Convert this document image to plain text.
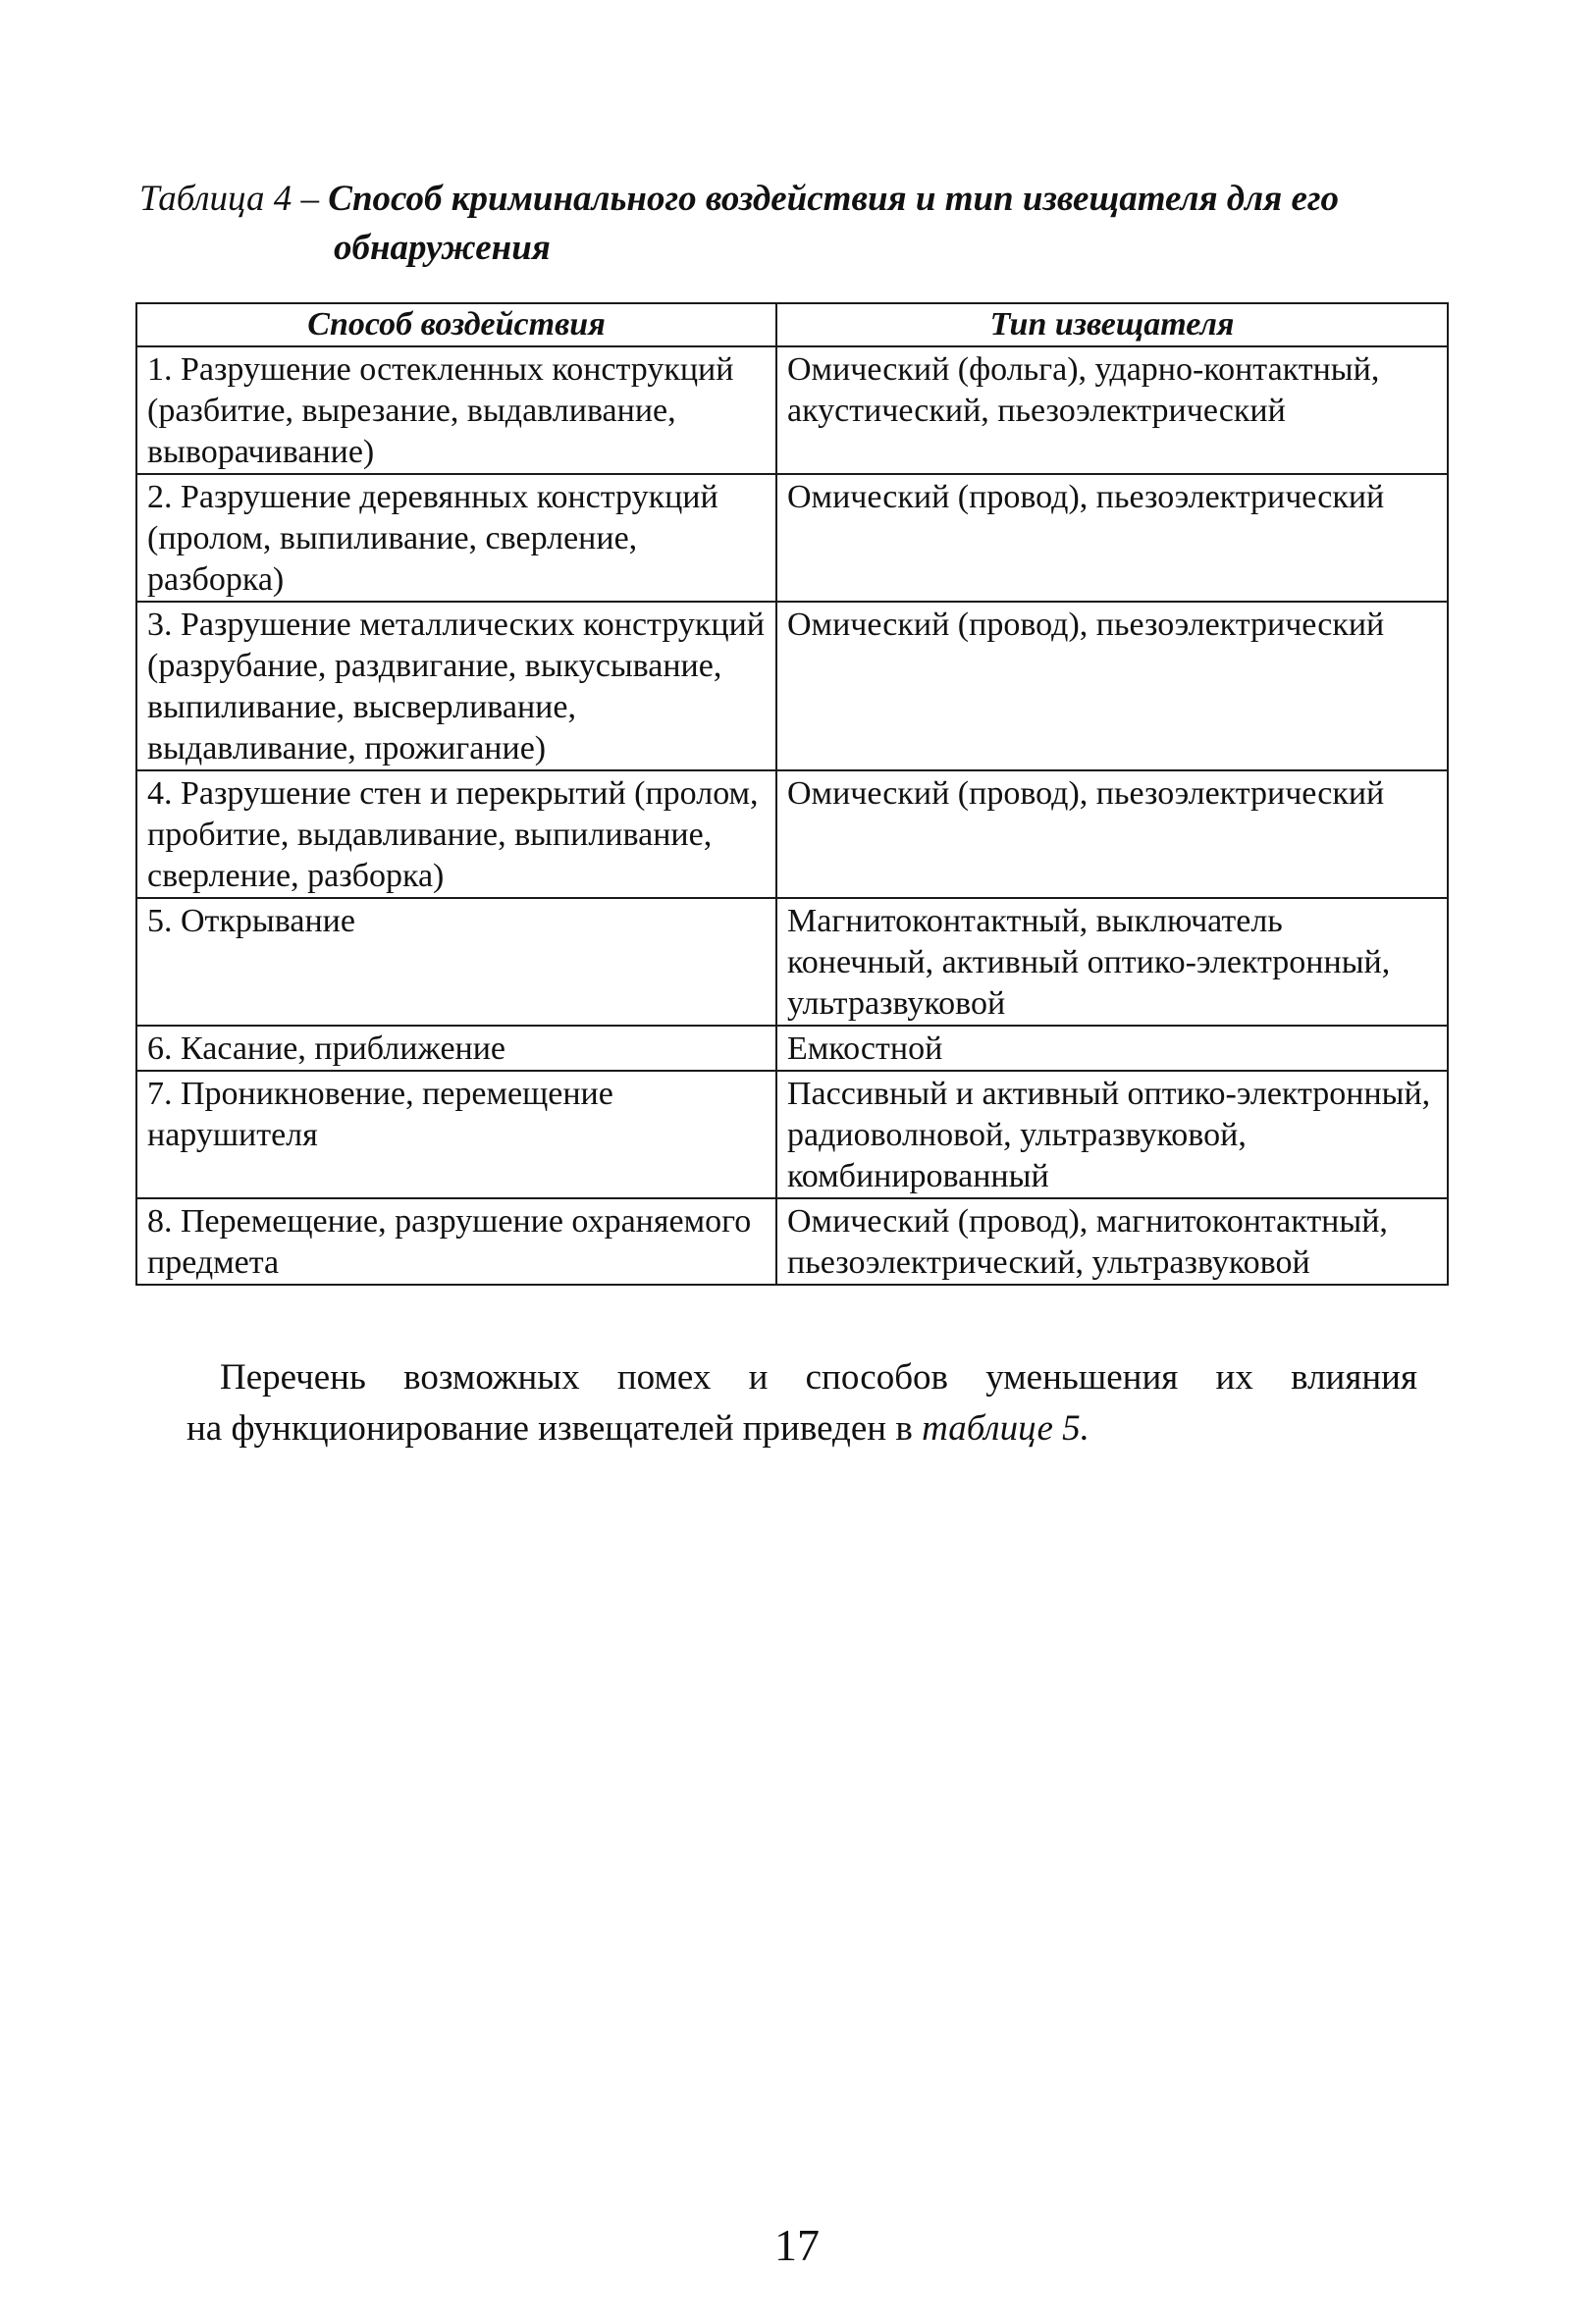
Таблица 4 – Способ криминального воздействия и тип извещателя для его
обнаружения
Способ воздействия	Тип извещателя
1. Разрушение остекленных конструкций (разбитие, вырезание, выдавливание, выворачивание)	Омический (фольга), ударно-контактный, акустический, пьезоэлектрический
2. Разрушение деревянных конструкций (пролом, выпиливание, сверление, разборка)	Омический (провод), пьезоэлектрический
3. Разрушение металлических конструкций (разрубание, раздвигание, выкусывание, выпиливание, высверливание, выдавливание, прожигание)	Омический (провод), пьезоэлектрический
4. Разрушение стен и перекрытий (пролом, пробитие, выдавливание, выпиливание, сверление, разборка)	Омический (провод), пьезоэлектрический
5. Открывание	Магнитоконтактный, выключатель конечный, активный оптико-электронный, ультразвуковой
6. Касание, приближение	Емкостной
7. Проникновение, перемещение нарушителя	Пассивный и активный оптико-электронный, радиоволновой, ультразвуковой, комбинированный
8. Перемещение, разрушение охраняемого предмета	Омический (провод), магнитоконтактный, пьезоэлектрический, ультразвуковой
Перечень возможных помех и способов уменьшения их влияния
на функционирование извещателей приведен в таблице 5.
17
